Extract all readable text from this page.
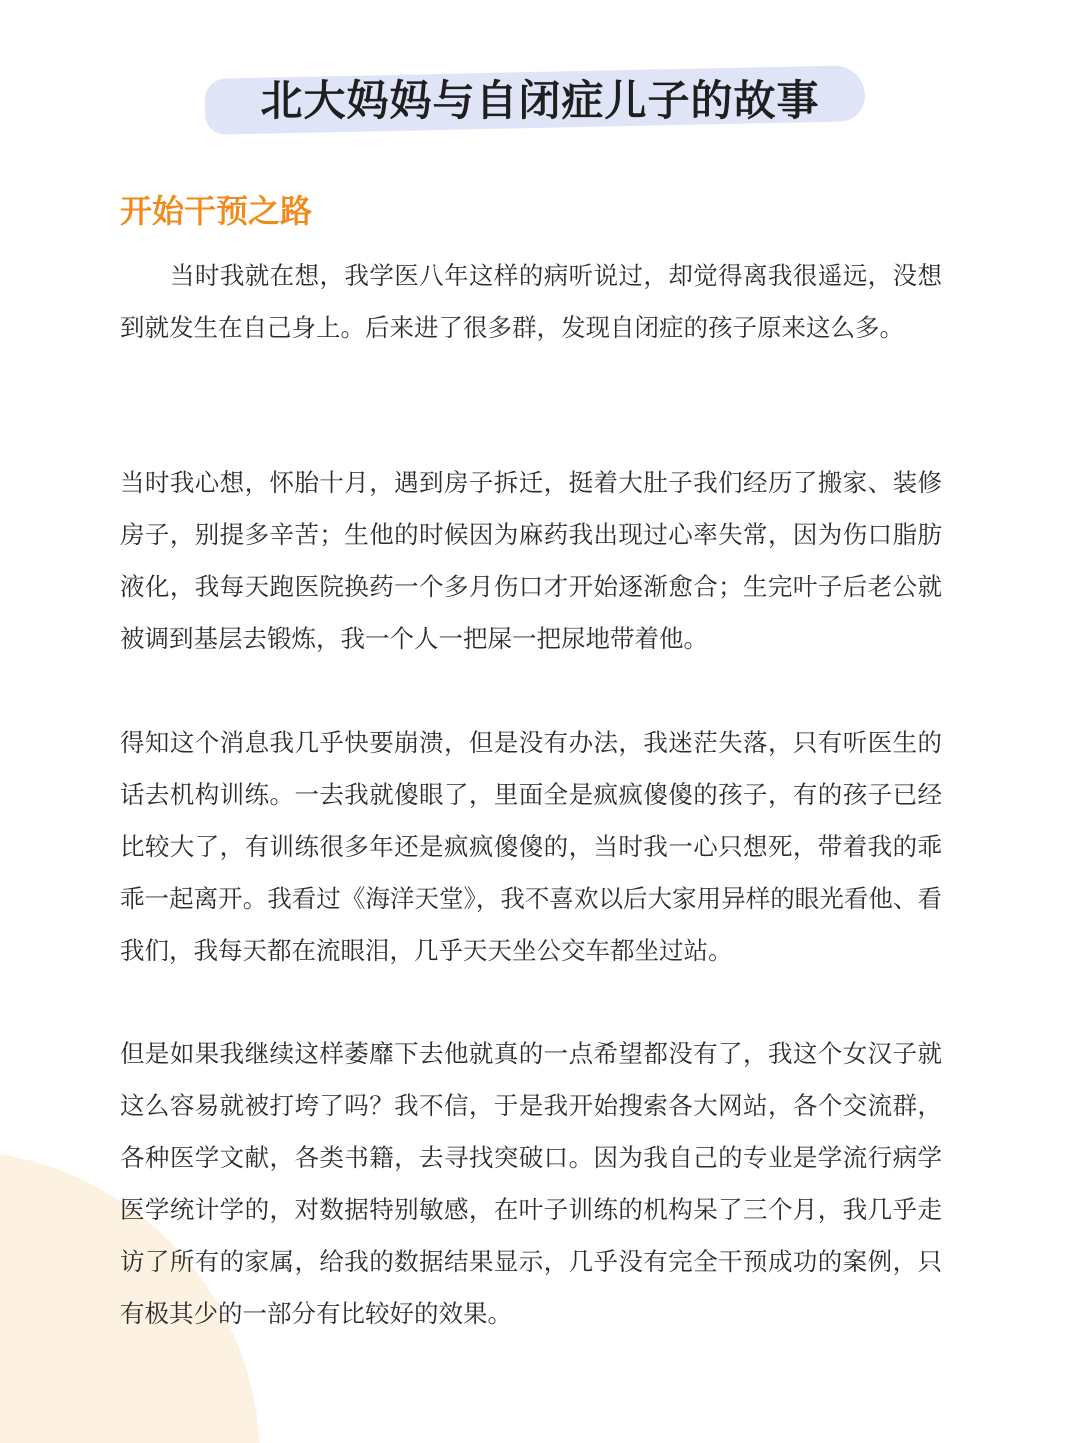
北大妈妈与自闭症儿子的故事
开始干预之路

当时我就在想，我学医八年这样的病听说过，却觉得离我很遥远，没想到就发生在自己身上。后来进了很多群，发现自闭症的孩子原来这么多。

当时我心想，怀胎十月，遇到房子拆迁，挺着大肚子我们经历了搬家、装修房子，别提多辛苦；生他的时候因为麻药我出现过心率失常，因为伤口脂肪液化，我每天跑医院换药一个多月伤口才开始逐渐愈合；生完叶子后老公就被调到基层去锻炼，我一个人一把屎一把尿地带着他。

得知这个消息我几乎快要崩溃，但是没有办法，我迷茫失落，只有听医生的话去机构训练。一去我就傻眼了，里面全是疯疯傻傻的孩子，有的孩子已经比较大了，有训练很多年还是疯疯傻傻的，当时我一心只想死，带着我的乖乖一起离开。我看过《海洋天堂》，我不喜欢以后大家用异样的眼光看他、看我们，我每天都在流眼泪，几乎天天坐公交车都坐过站。

但是如果我继续这样萎靡下去他就真的一点希望都没有了，我这个女汉子就这么容易就被打垮了吗？我不信，于是我开始搜索各大网站，各个交流群，各种医学文献，各类书籍，去寻找突破口。因为我自己的专业是学流行病学医学统计学的，对数据特别敏感，在叶子训练的机构呆了三个月，我几乎走访了所有的家属，给我的数据结果显示，几乎没有完全干预成功的案例，只有极其少的一部分有比较好的效果。
